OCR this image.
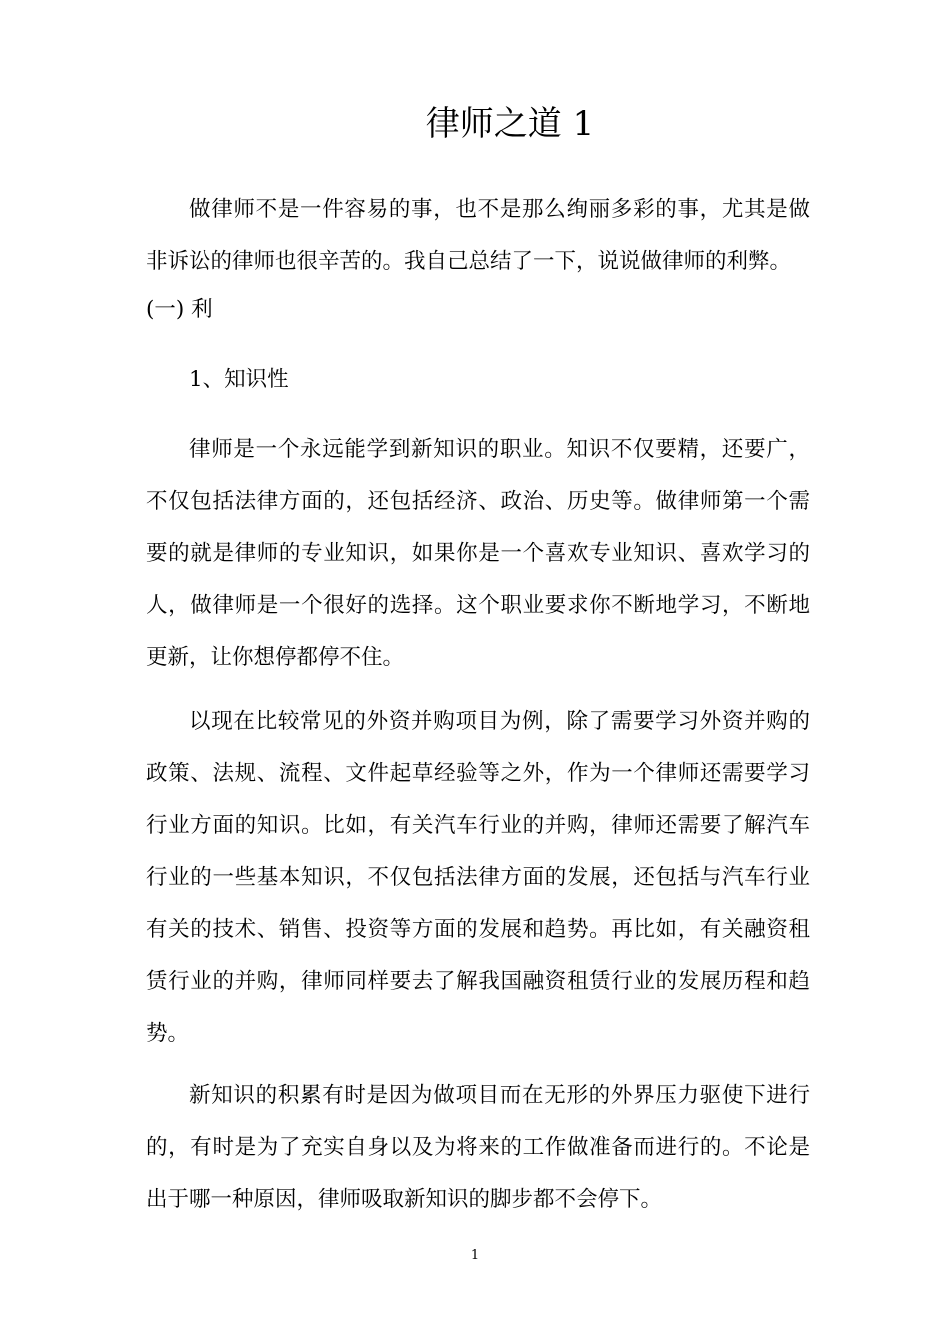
律师之道 1

做律师不是一件容易的事，也不是那么绚丽多彩的事，尤其是做非诉讼的律师也很辛苦的。我自己总结了一下，说说做律师的利弊。

(一) 利

1、知识性

律师是一个永远能学到新知识的职业。知识不仅要精，还要广，不仅包括法律方面的，还包括经济、政治、历史等。做律师第一个需要的就是律师的专业知识，如果你是一个喜欢专业知识、喜欢学习的人，做律师是一个很好的选择。这个职业要求你不断地学习，不断地更新，让你想停都停不住。

以现在比较常见的外资并购项目为例，除了需要学习外资并购的政策、法规、流程、文件起草经验等之外，作为一个律师还需要学习行业方面的知识。比如，有关汽车行业的并购，律师还需要了解汽车行业的一些基本知识，不仅包括法律方面的发展，还包括与汽车行业有关的技术、销售、投资等方面的发展和趋势。再比如，有关融资租赁行业的并购，律师同样要去了解我国融资租赁行业的发展历程和趋势。

新知识的积累有时是因为做项目而在无形的外界压力驱使下进行的，有时是为了充实自身以及为将来的工作做准备而进行的。不论是出于哪一种原因，律师吸取新知识的脚步都不会停下。

1
